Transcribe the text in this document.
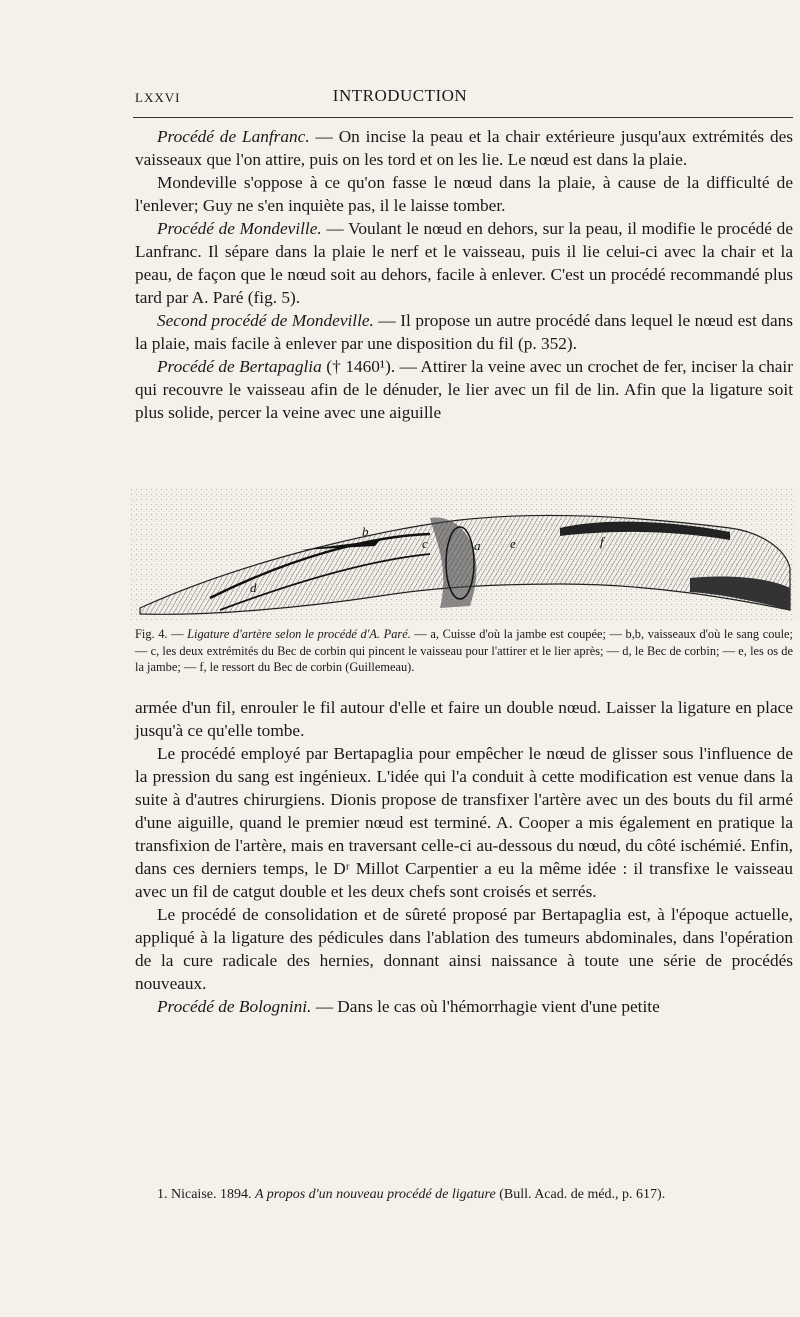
LXXVI	INTRODUCTION

Procédé de Lanfranc. — On incise la peau et la chair extérieure jusqu'aux extrémités des vaisseaux que l'on attire, puis on les tord et on les lie. Le nœud est dans la plaie.

Mondeville s'oppose à ce qu'on fasse le nœud dans la plaie, à cause de la difficulté de l'enlever; Guy ne s'en inquiète pas, il le laisse tomber.

Procédé de Mondeville. — Voulant le nœud en dehors, sur la peau, il modifie le procédé de Lanfranc. Il sépare dans la plaie le nerf et le vaisseau, puis il lie celui-ci avec la chair et la peau, de façon que le nœud soit au dehors, facile à enlever. C'est un procédé recommandé plus tard par A. Paré (fig. 5).

Second procédé de Mondeville. — Il propose un autre procédé dans lequel le nœud est dans la plaie, mais facile à enlever par une disposition du fil (p. 352).

Procédé de Bertapaglia († 1460¹). — Attirer la veine avec un crochet de fer, inciser la chair qui recouvre le vaisseau afin de le dénuder, le lier avec un fil de lin. Afin que la ligature soit plus solide, percer la veine avec une aiguille

a
b
c
d
e	f
Fig. 4. — Ligature d'artère selon le procédé d'A. Paré. — a, Cuisse d'où la jambe est coupée; — b,b, vaisseaux d'où le sang coule; — c, les deux extrémités du Bec de corbin qui pincent le vaisseau pour l'attirer et le lier après; — d, le Bec de corbin; — e, les os de la jambe; — f, le ressort du Bec de corbin (Guillemeau).

armée d'un fil, enrouler le fil autour d'elle et faire un double nœud. Laisser la ligature en place jusqu'à ce qu'elle tombe.

Le procédé employé par Bertapaglia pour empêcher le nœud de glisser sous l'influence de la pression du sang est ingénieux. L'idée qui l'a conduit à cette modification est venue dans la suite à d'autres chirurgiens. Dionis propose de transfixer l'artère avec un des bouts du fil armé d'une aiguille, quand le premier nœud est terminé. A. Cooper a mis également en pratique la transfixion de l'artère, mais en traversant celle-ci au-dessous du nœud, du côté ischémié. Enfin, dans ces derniers temps, le Dʳ Millot Carpentier a eu la même idée : il transfixe le vaisseau avec un fil de catgut double et les deux chefs sont croisés et serrés.

Le procédé de consolidation et de sûreté proposé par Bertapaglia est, à l'époque actuelle, appliqué à la ligature des pédicules dans l'ablation des tumeurs abdominales, dans l'opération de la cure radicale des hernies, donnant ainsi naissance à toute une série de procédés nouveaux.

Procédé de Bolognini. — Dans le cas où l'hémorrhagie vient d'une petite

1. Nicaise. 1894. A propos d'un nouveau procédé de ligature (Bull. Acad. de méd., p. 617).
